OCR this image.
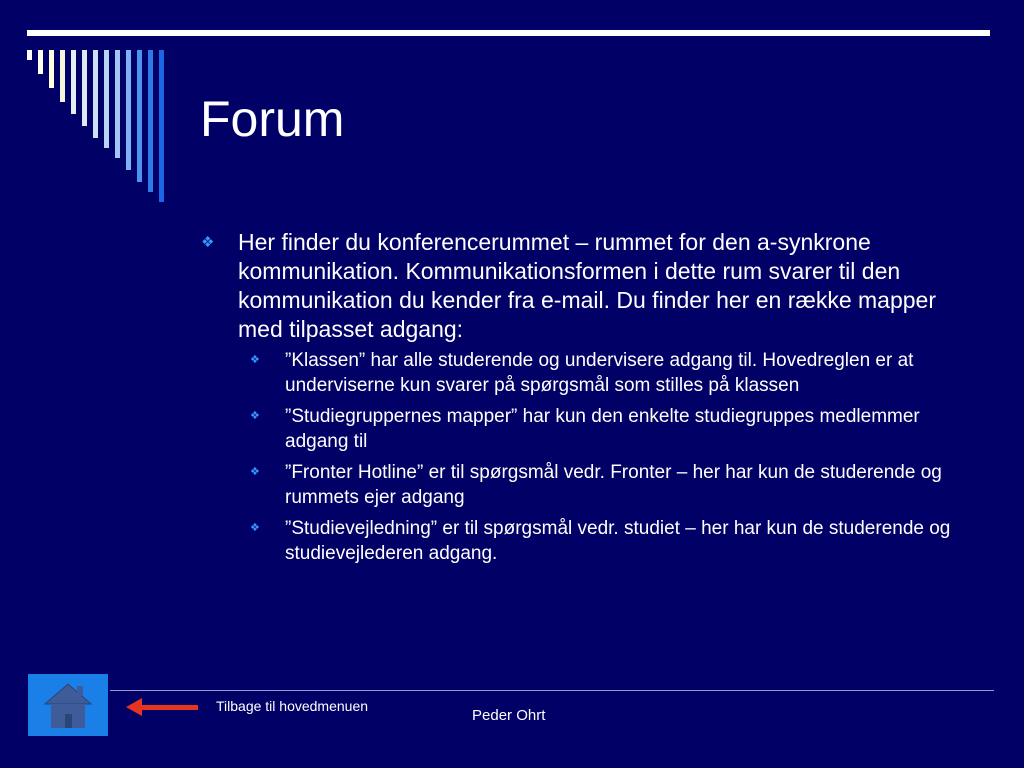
Forum
❖	Her finder du konferencerummet – rummet for den a-synkrone kommunikation. Kommunikationsformen i dette rum svarer til den kommunikation du kender fra e-mail. Du finder her en række mapper med tilpasset adgang:
❖	”Klassen” har alle studerende og undervisere adgang til. Hovedreglen er at underviserne kun svarer på spørgsmål som stilles på klassen
❖	”Studiegruppernes mapper” har kun den enkelte studiegruppes medlemmer adgang til
❖	”Fronter Hotline” er til spørgsmål vedr. Fronter – her har kun de studerende og rummets ejer adgang
❖	”Studievejledning” er til spørgsmål vedr. studiet – her har kun de studerende og studievejlederen adgang.
Tilbage til hovedmenuen
Peder Ohrt
